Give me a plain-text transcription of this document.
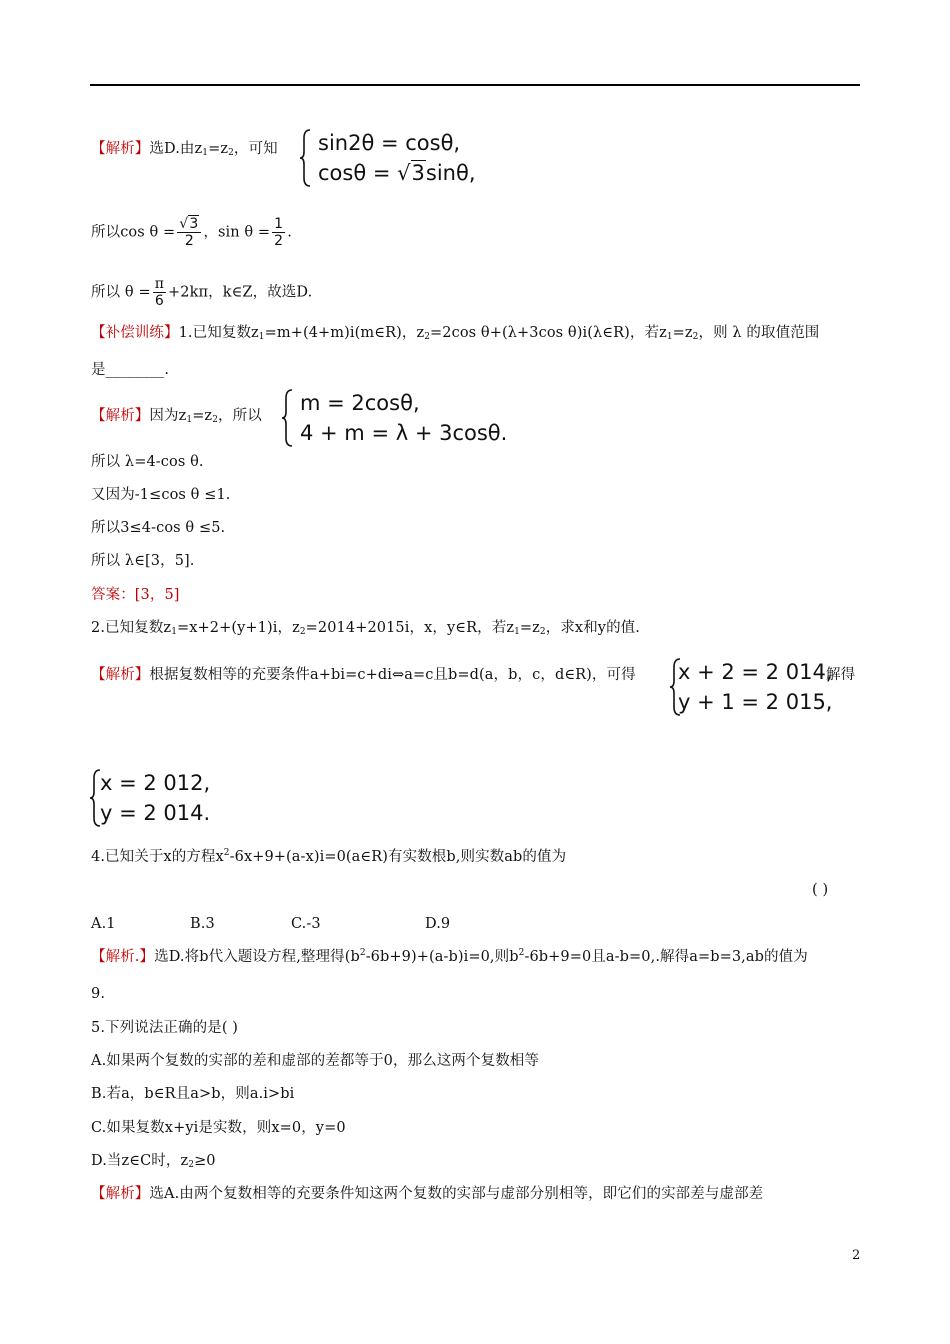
【解析】选D.由$z_1=z_2$，可知	sin2θ = cosθ,
cosθ = √3sinθ,
所以$\cos \theta = \frac{√3}{2}$ ，$\sin \theta = \frac{1}{2}$ .
所以 $\theta = \frac{\pi}{6} +2k\pi$，k∈Z，故选D.
【补偿训练】1.已知复数$z_1=m+(4+m)i(m\in R)$，$z_2=2\cos$ θ+(λ+3cos θ)i(λ∈R)，若$z_1=z_2$，则 λ 的取值范围
是________.
【解析】因为$z_1=z_2$，所以
m = 2cosθ,
4 + m = λ + 3cosθ.
所以 λ=4-cos θ.
又因为-1≤cos θ ≤1.
所以3≤4-cos θ ≤5.
所以 λ∈[3，5].
答案：[3，5]
2.已知复数$z_1=x+2+(y+1)i$，$z_2=2014+2015i$，x，y∈R，若$z_1=z_2$，求x和y的值.
【解析】根据复数相等的充要条件a+bi=c+di⇔a=c且b=d(a，b，c，d∈R)，可得	解得
x + 2 = 2 014,
y + 1 = 2 015,
x = 2 012,
y = 2 014.
4.已知关于x的方程$x^2-6x+9+(a-x)i=0(a\in R)$有实数根b,则实数ab的值为
( )
A.1	B.3	C.-3	D.9
【解析.】选D.将b代入题设方程,整理得$(b^2-6b+9)+(a-b)i=0$,则$b^2-6b+9=0$且a-b=0,.解得a=b=3,ab的值为
9.
5.下列说法正确的是( )
A.如果两个复数的实部的差和虚部的差都等于0，那么这两个复数相等
B.若a，b∈R且a>b，则a.i>bi
C.如果复数x+yi是实数，则x=0，y=0
D.当z∈C时，$z_2\ge 0$
【解析】选A.由两个复数相等的充要条件知这两个复数的实部与虚部分别相等，即它们的实部差与虚部差
2
